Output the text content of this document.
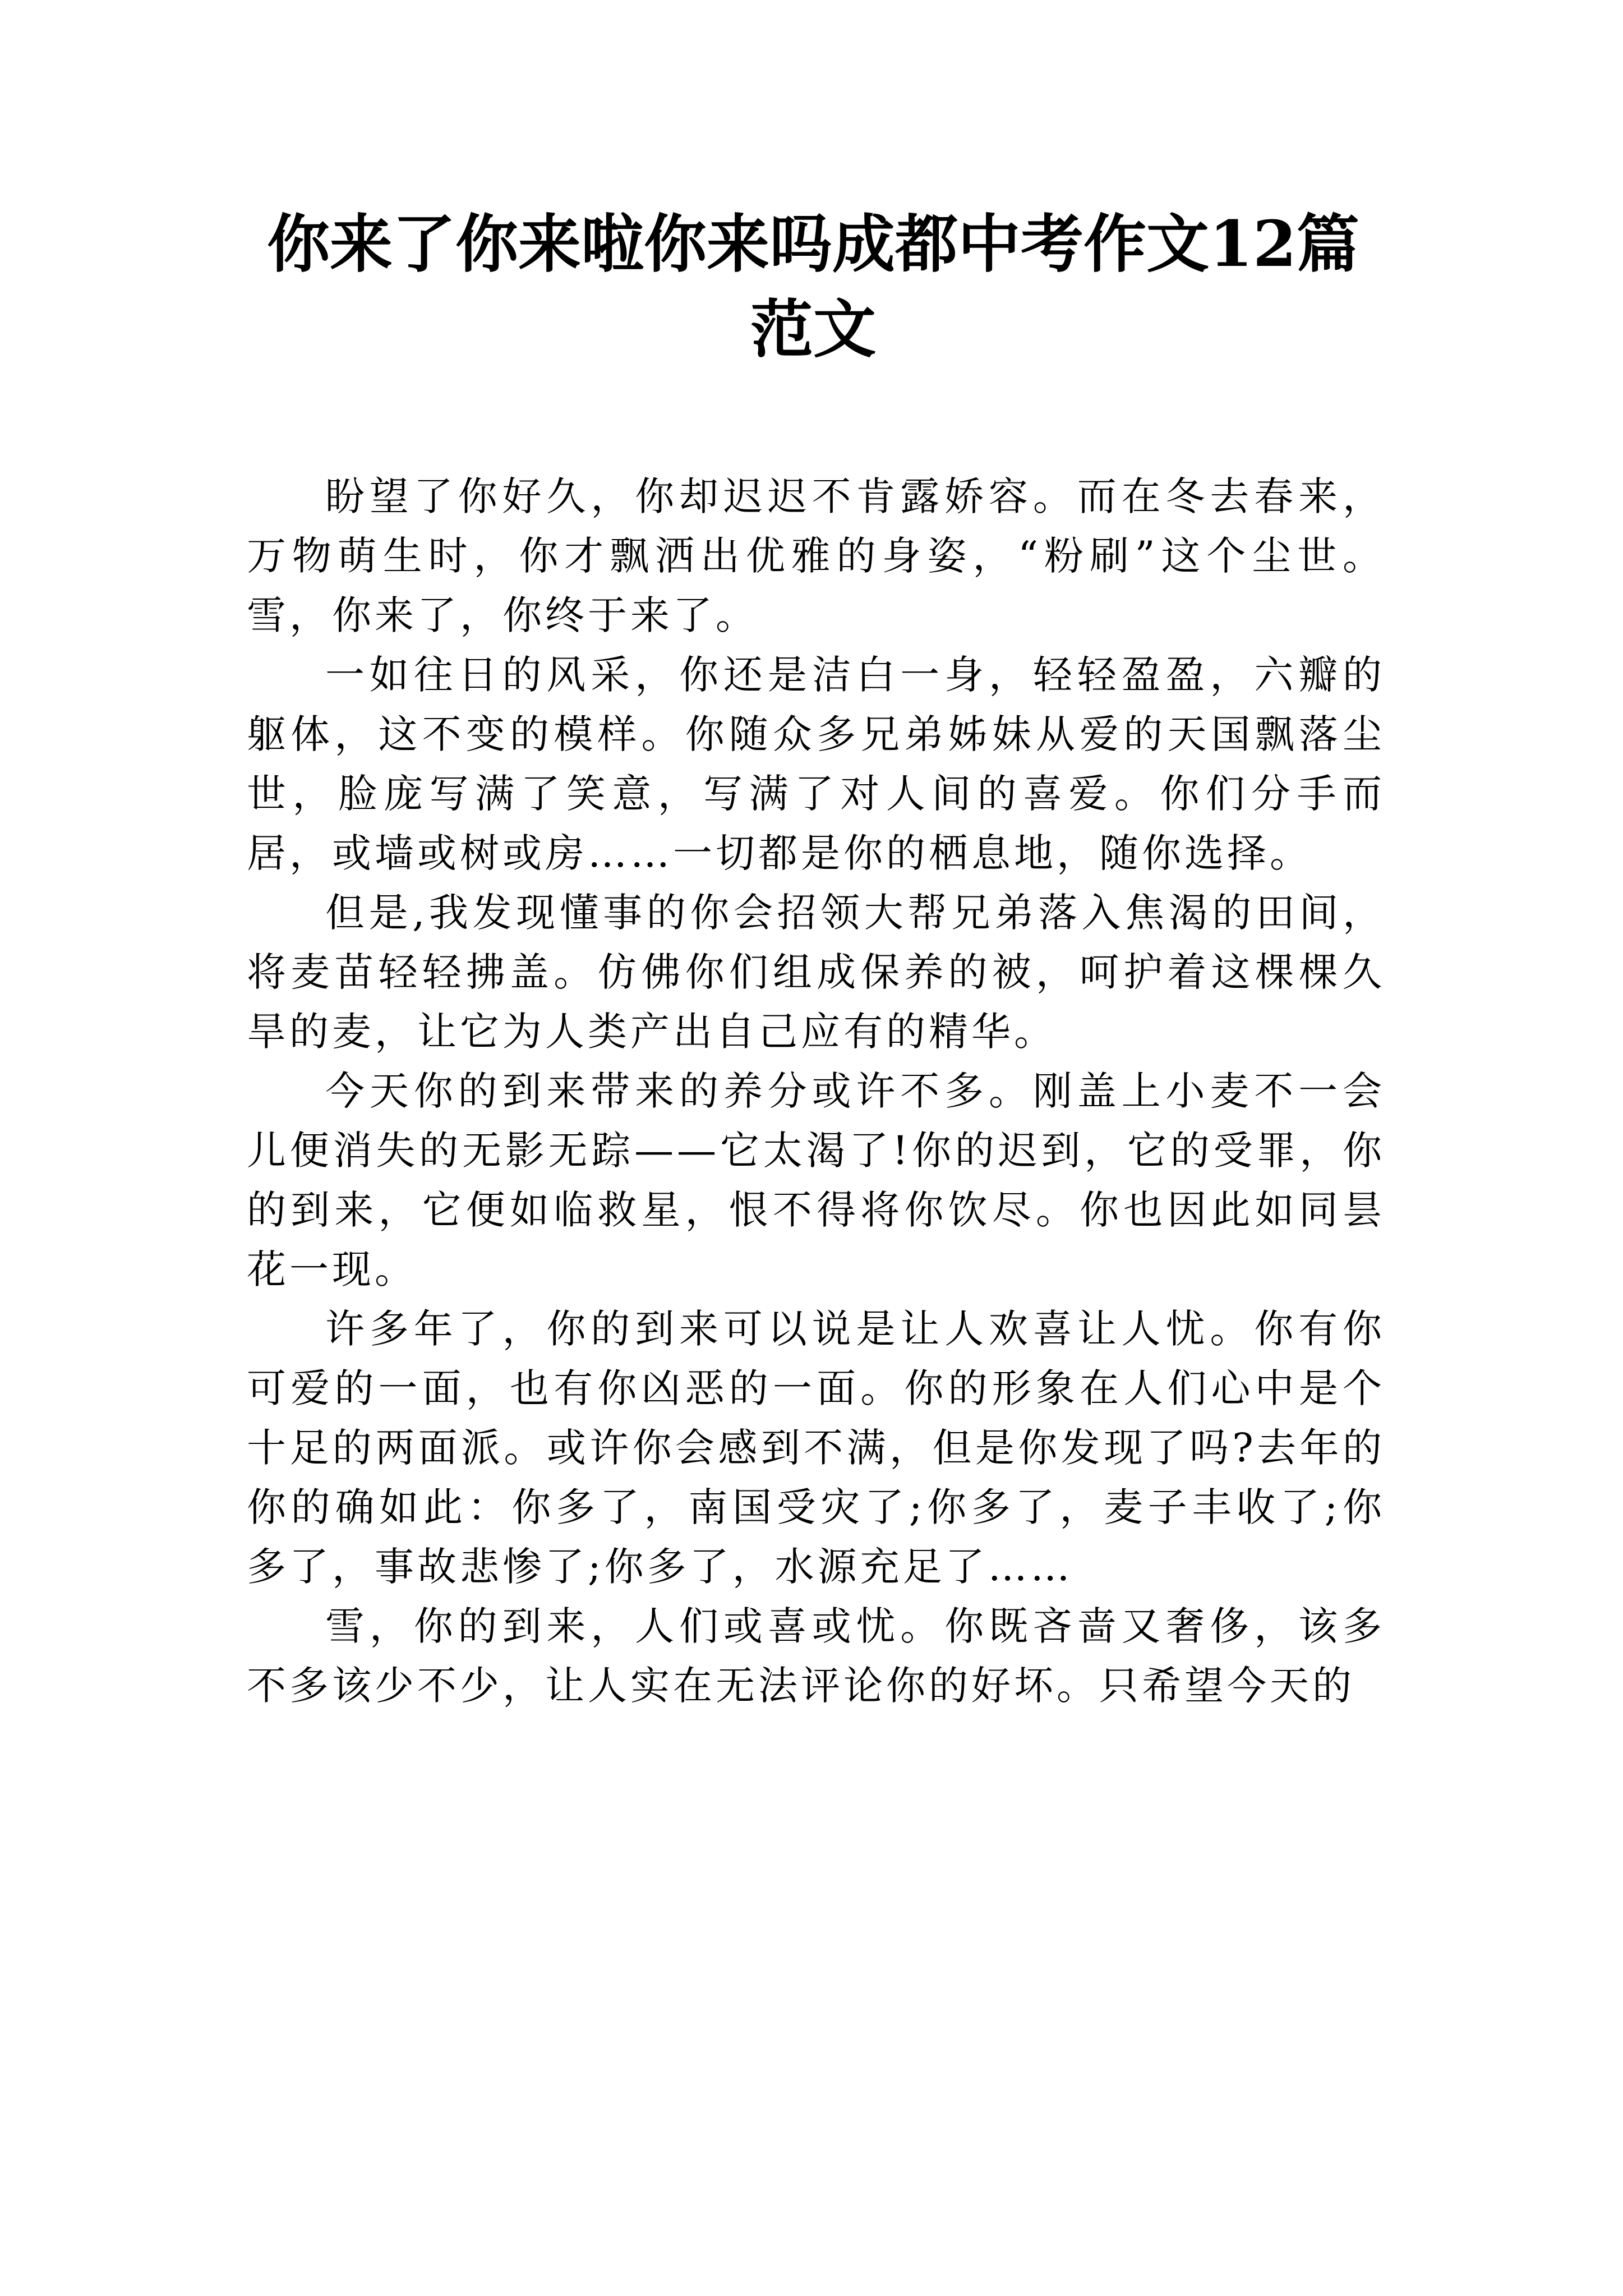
你来了你来啦你来吗成都中考作文12篇范文

盼望了你好久，你却迟迟不肯露娇容。而在冬去春来，万物萌生时，你才飘洒出优雅的身姿，“粉刷”这个尘世。雪，你来了，你终于来了。

一如往日的风采，你还是洁白一身，轻轻盈盈，六瓣的躯体，这不变的模样。你随众多兄弟姊妹从爱的天国飘落尘世，脸庞写满了笑意，写满了对人间的喜爱。你们分手而居，或墙或树或房……一切都是你的栖息地，随你选择。

但是,我发现懂事的你会招领大帮兄弟落入焦渴的田间，将麦苗轻轻拂盖。仿佛你们组成保养的被，呵护着这棵棵久旱的麦，让它为人类产出自己应有的精华。

今天你的到来带来的养分或许不多。刚盖上小麦不一会儿便消失的无影无踪——它太渴了!你的迟到，它的受罪，你的到来，它便如临救星，恨不得将你饮尽。你也因此如同昙花一现。

许多年了，你的到来可以说是让人欢喜让人忧。你有你可爱的一面，也有你凶恶的一面。你的形象在人们心中是个十足的两面派。或许你会感到不满，但是你发现了吗?去年的你的确如此：你多了，南国受灾了;你多了，麦子丰收了;你多了，事故悲惨了;你多了，水源充足了……

雪，你的到来，人们或喜或忧。你既吝啬又奢侈，该多不多该少不少，让人实在无法评论你的好坏。只希望今天的
